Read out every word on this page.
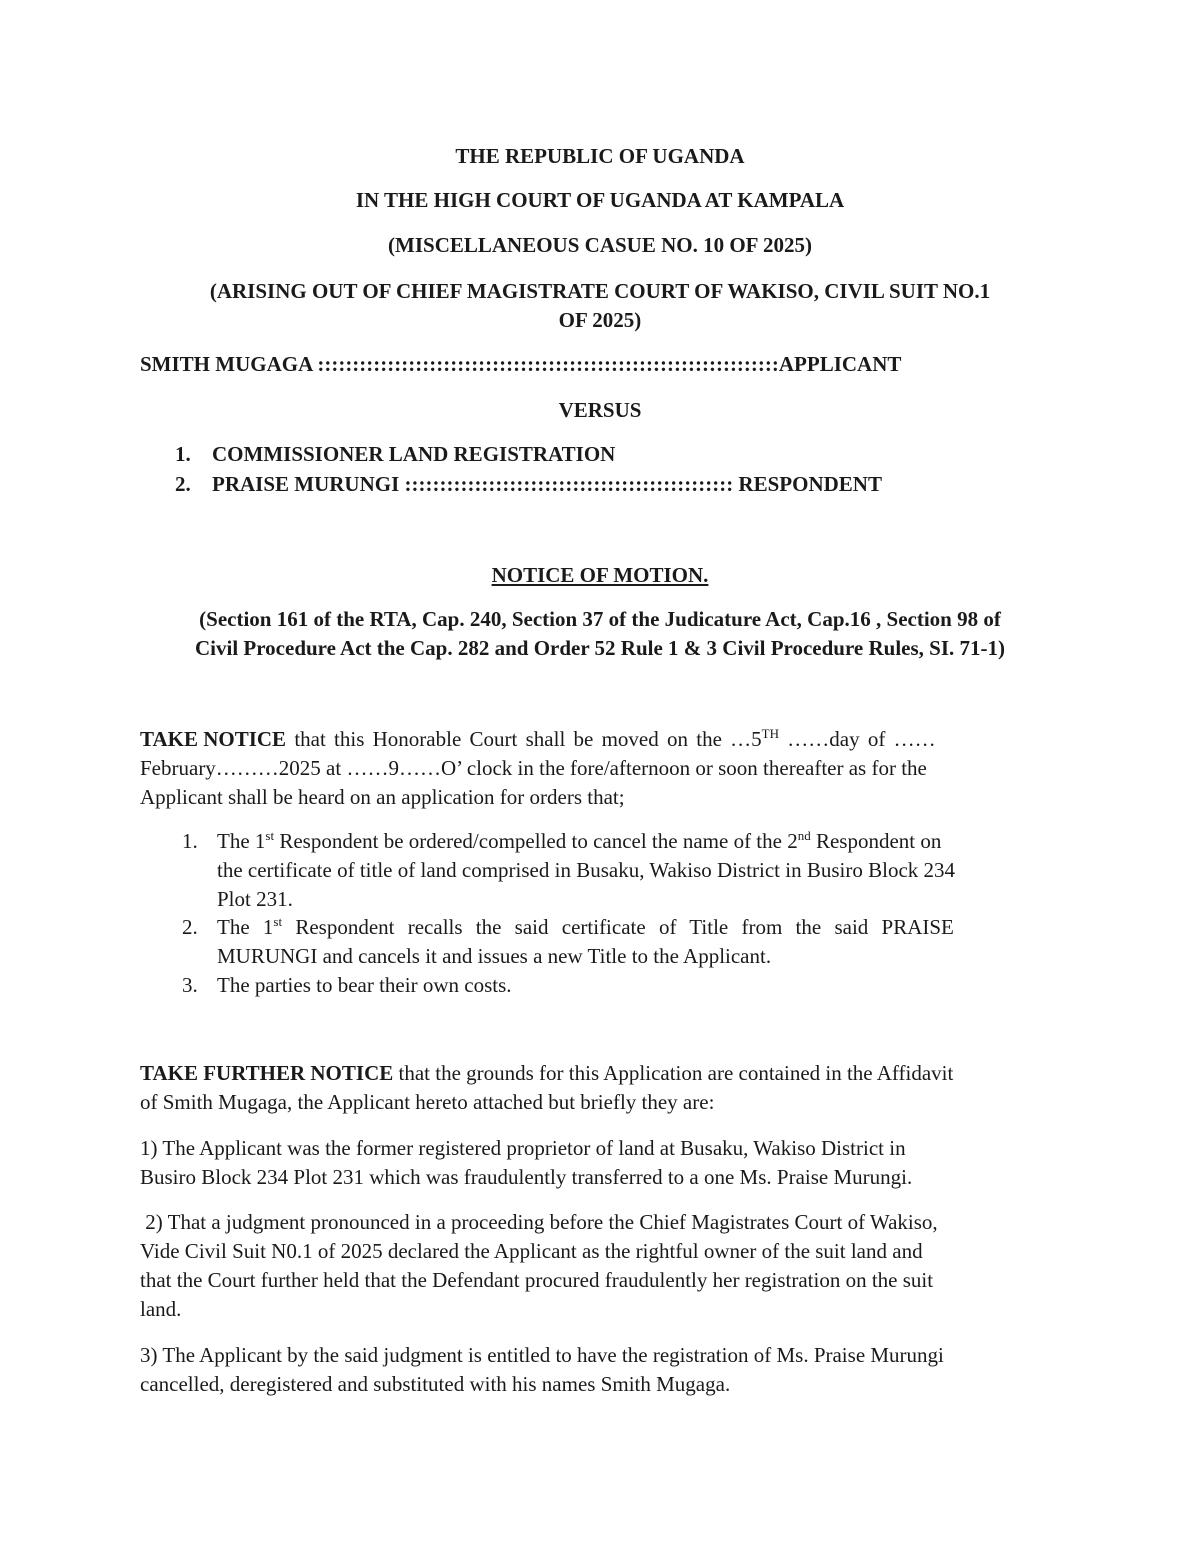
THE REPUBLIC OF UGANDA
IN THE HIGH COURT OF UGANDA AT KAMPALA
(MISCELLANEOUS CASUE NO. 10 OF 2025)
(ARISING OUT OF CHIEF MAGISTRATE COURT OF WAKISO, CIVIL SUIT NO.1
OF 2025)
SMITH MUGAGA ::::::::::::::::::::::::::::::::::::::::::::::::::::::::::::::::::APPLICANT
VERSUS
1. COMMISSIONER LAND REGISTRATION
2. PRAISE MURUNGI ::::::::::::::::::::::::::::::::::::::::::::::: RESPONDENT
NOTICE OF MOTION.
(Section 161 of the RTA, Cap. 240, Section 37 of the Judicature Act, Cap.16 , Section 98 of
Civil Procedure Act the Cap. 282 and Order 52 Rule 1 & 3 Civil Procedure Rules, SI. 71-1)
TAKE NOTICE that this Honorable Court shall be moved on the …5TH ……day of ……
February………2025 at ……9……O’ clock in the fore/afternoon or soon thereafter as for the
Applicant shall be heard on an application for orders that;
1. The 1st Respondent be ordered/compelled to cancel the name of the 2nd Respondent on
the certificate of title of land comprised in Busaku, Wakiso District in Busiro Block 234
Plot 231.
2. The 1st Respondent recalls the said certificate of Title from the said PRAISE
MURUNGI and cancels it and issues a new Title to the Applicant.
3. The parties to bear their own costs.
TAKE FURTHER NOTICE that the grounds for this Application are contained in the Affidavit
of Smith Mugaga, the Applicant hereto attached but briefly they are:
1) The Applicant was the former registered proprietor of land at Busaku, Wakiso District in
Busiro Block 234 Plot 231 which was fraudulently transferred to a one Ms. Praise Murungi.
2) That a judgment pronounced in a proceeding before the Chief Magistrates Court of Wakiso,
Vide Civil Suit N0.1 of 2025 declared the Applicant as the rightful owner of the suit land and
that the Court further held that the Defendant procured fraudulently her registration on the suit
land.
3) The Applicant by the said judgment is entitled to have the registration of Ms. Praise Murungi
cancelled, deregistered and substituted with his names Smith Mugaga.
